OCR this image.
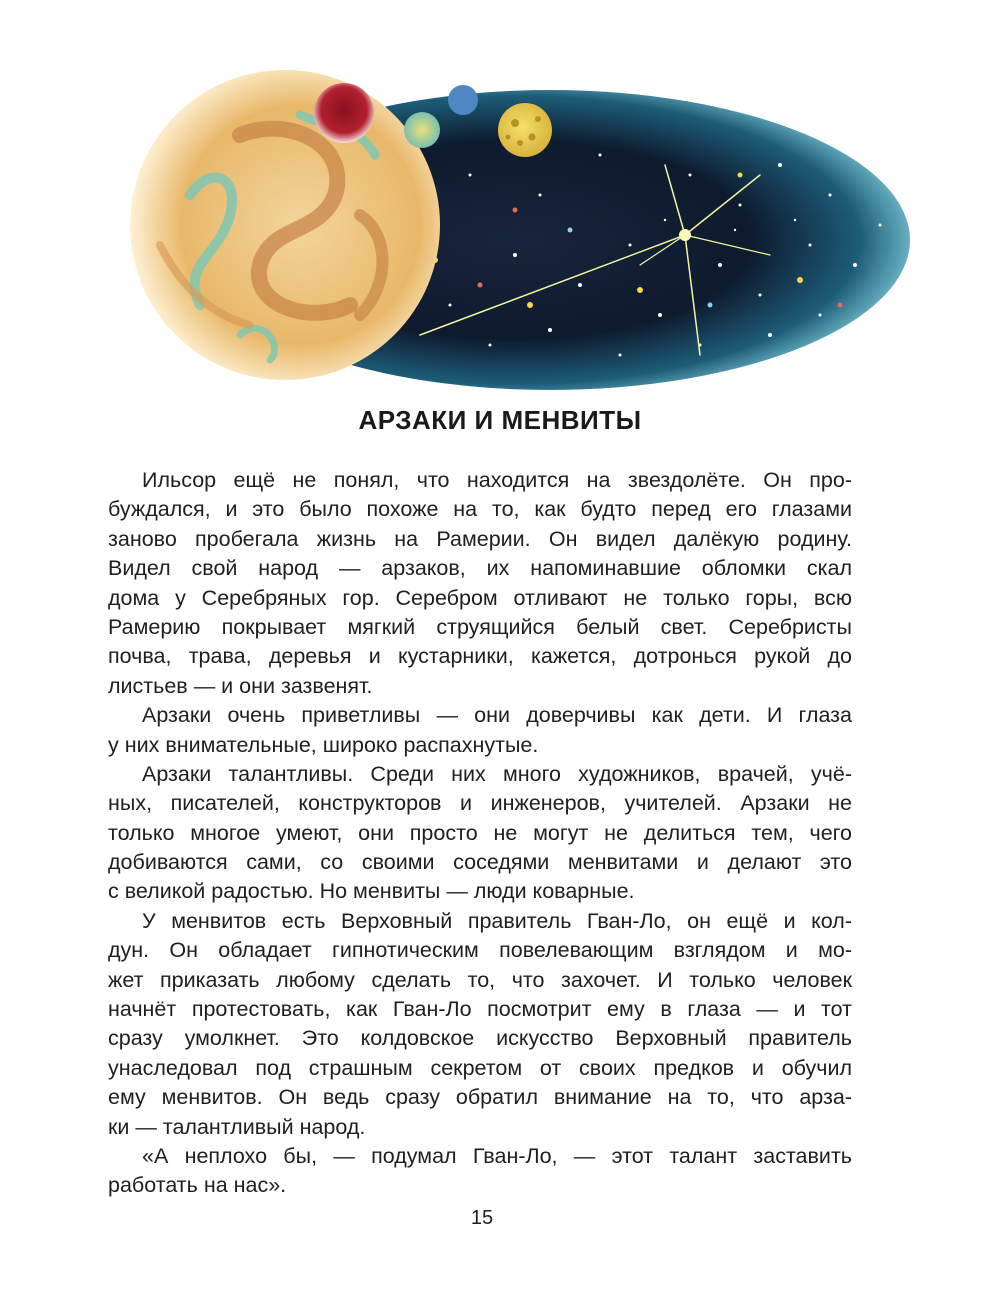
АРЗАКИ И МЕНВИТЫ
Ильсор ещё не понял, что находится на звездолёте. Он про-
буждался, и это было похоже на то, как будто перед его глазами
заново пробегала жизнь на Рамерии. Он видел далёкую родину.
Видел свой народ — арзаков, их напоминавшие обломки скал
дома у Серебряных гор. Серебром отливают не только горы, всю
Рамерию покрывает мягкий струящийся белый свет. Серебристы
почва, трава, деревья и кустарники, кажется, дотронься рукой до
листьев — и они зазвенят.
Арзаки очень приветливы — они доверчивы как дети. И глаза
у них внимательные, широко распахнутые.
Арзаки талантливы. Среди них много художников, врачей, учё-
ных, писателей, конструкторов и инженеров, учителей. Арзаки не
только многое умеют, они просто не могут не делиться тем, чего
добиваются сами, со своими соседями менвитами и делают это
с великой радостью. Но менвиты — люди коварные.
У менвитов есть Верховный правитель Гван-Ло, он ещё и кол-
дун. Он обладает гипнотическим повелевающим взглядом и мо-
жет приказать любому сделать то, что захочет. И только человек
начнёт протестовать, как Гван-Ло посмотрит ему в глаза — и тот
сразу умолкнет. Это колдовское искусство Верховный правитель
унаследовал под страшным секретом от своих предков и обучил
ему менвитов. Он ведь сразу обратил внимание на то, что арза-
ки — талантливый народ.
«А неплохо бы, — подумал Гван-Ло, — этот талант заставить
работать на нас».
15
